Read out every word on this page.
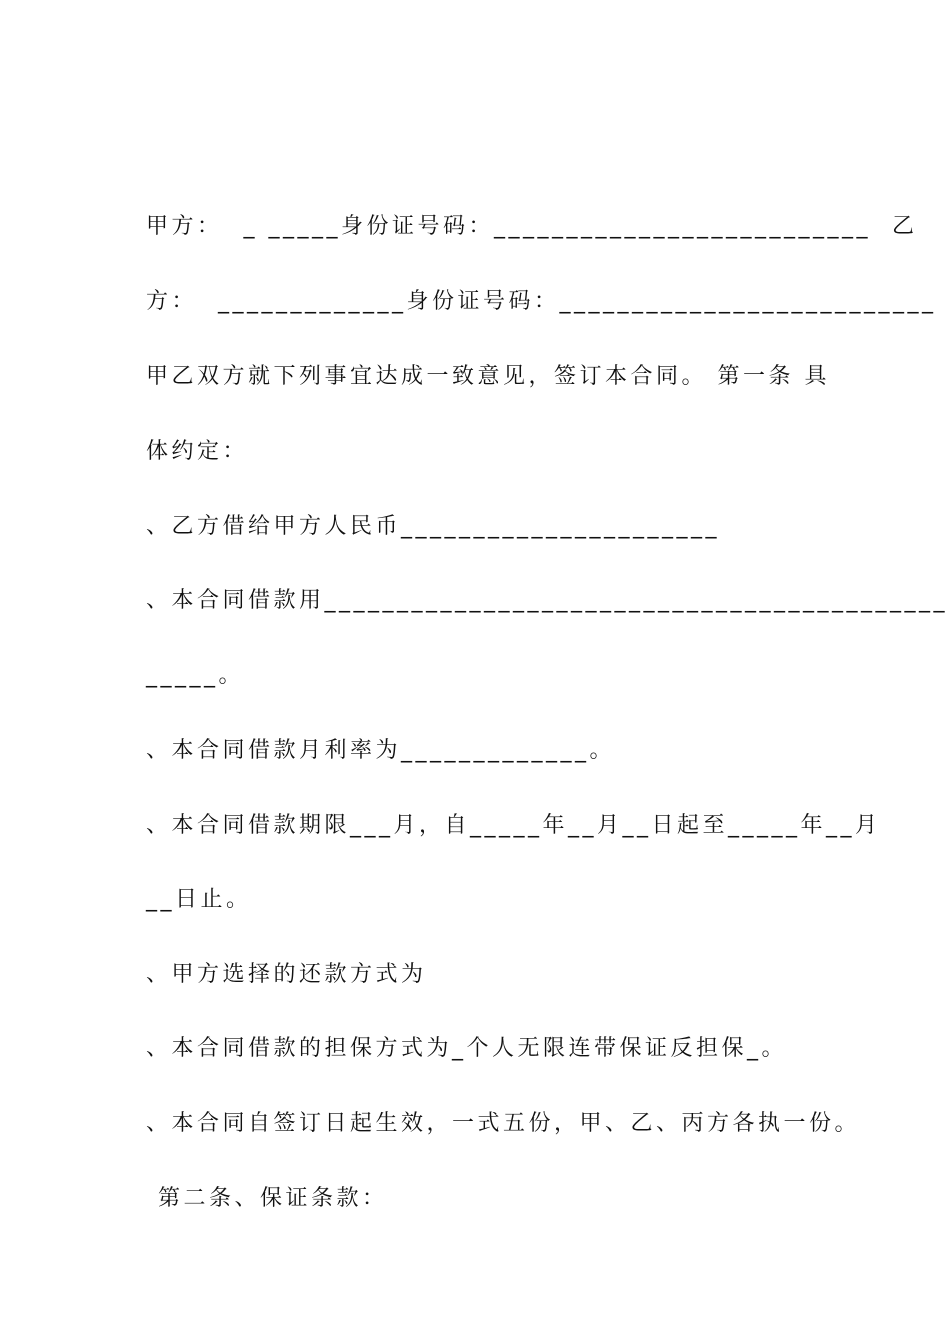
甲方：  _ _____身份证号码：__________________________  乙
方：  _____________身份证号码：__________________________
甲乙双方就下列事宜达成一致意见，签订本合同。 第一条 具
体约定：
、乙方借给甲方人民币______________________
、本合同借款用___________________________________________
_____。
、本合同借款月利率为_____________。
、本合同借款期限___月，自_____年__月__日起至_____年__月
__日止。
、甲方选择的还款方式为
、本合同借款的担保方式为_个人无限连带保证反担保_。
、本合同自签订日起生效，一式五份，甲、乙、丙方各执一份。
第二条、保证条款：
